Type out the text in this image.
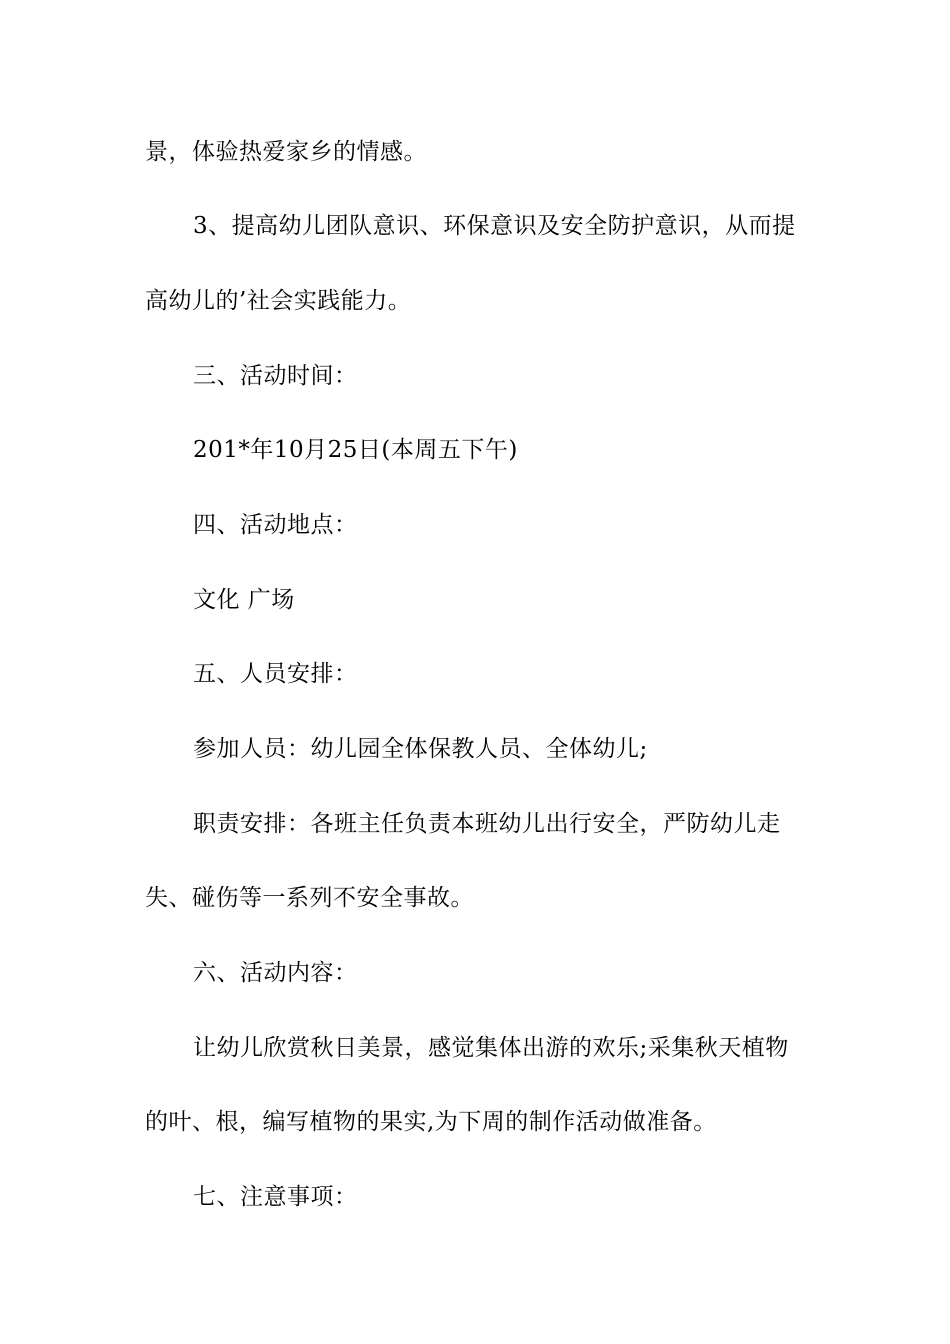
景，体验热爱家乡的情感。
3、提高幼儿团队意识、环保意识及安全防护意识，从而提
高幼儿的’社会实践能力。
三、活动时间：
201*年10月25日(本周五下午)
四、活动地点：
文化 广场
五、人员安排：
参加人员：幼儿园全体保教人员、全体幼儿;
职责安排：各班主任负责本班幼儿出行安全，严防幼儿走
失、碰伤等一系列不安全事故。
六、活动内容：
让幼儿欣赏秋日美景，感觉集体出游的欢乐;采集秋天植物
的叶、根，编写植物的果实,为下周的制作活动做准备。
七、注意事项：
